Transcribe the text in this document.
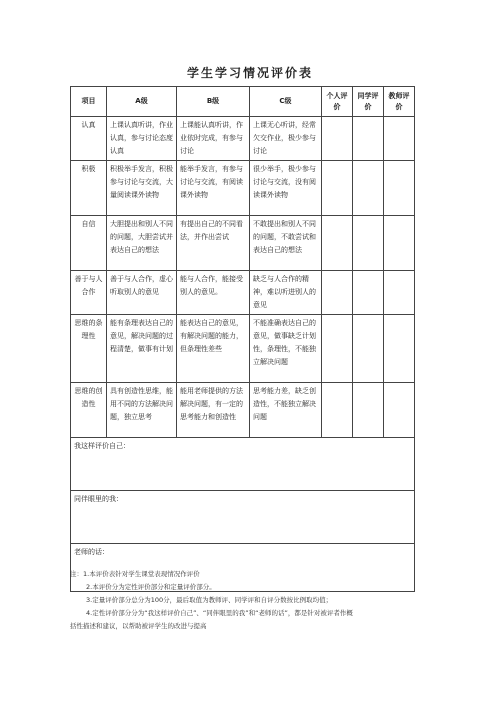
学生学习情况评价表
项目	A级	B级	C级	个人评价	同学评价	教师评价
认真	上课认真听讲，作业认真，参与讨论态度认真	上课能认真听讲，作业依时完成，有参与讨论	上课无心听讲，经常欠交作业，极少参与讨论			
积极	积极举手发言，积极参与讨论与交流，大量阅读课外读物	能举手发言，有参与讨论与交流，有阅读课外读物	很少举手，极少参与讨论与交流，没有阅读课外读物			
自信	大胆提出和别人不同的问题，大胆尝试并表达自己的想法	有提出自己的不同看法，并作出尝试	不敢提出和别人不同的问题，不敢尝试和表达自己的想法			
善于与人合作	善于与人合作，虚心听取别人的意见	能与人合作，能接受别人的意见。	缺乏与人合作的精神，难以听进别人的意见			
思维的条理性	能有条理表达自己的意见，解决问题的过程清楚，做事有计划	能表达自己的意见，有解决问题的能力，但条理性差些	不能准确表达自己的意见，做事缺乏计划性，条理性，不能独立解决问题			
思维的创造性	具有创造性思维，能用不同的方法解决问题，独立思考	能用老师提供的方法解决问题，有一定的思考能力和创造性	思考能力差，缺乏创造性，不能独立解决问题			
我这样评价自己：						
同伴眼里的我：						
老师的话：						
注：1.本评价表针对学生课堂表现情况作评价
2.本评价分为定性评价部分和定量评价部分。
3.定量评价部分总分为100分，最后取值为教师评、同学评和自评分数按比例取均值；
4.定性评价部分分为“我这样评价自己”、“同伴眼里的我”和“老师的话”，都是针对被评者作概
括性描述和建议，以帮助被评学生的改进与提高
